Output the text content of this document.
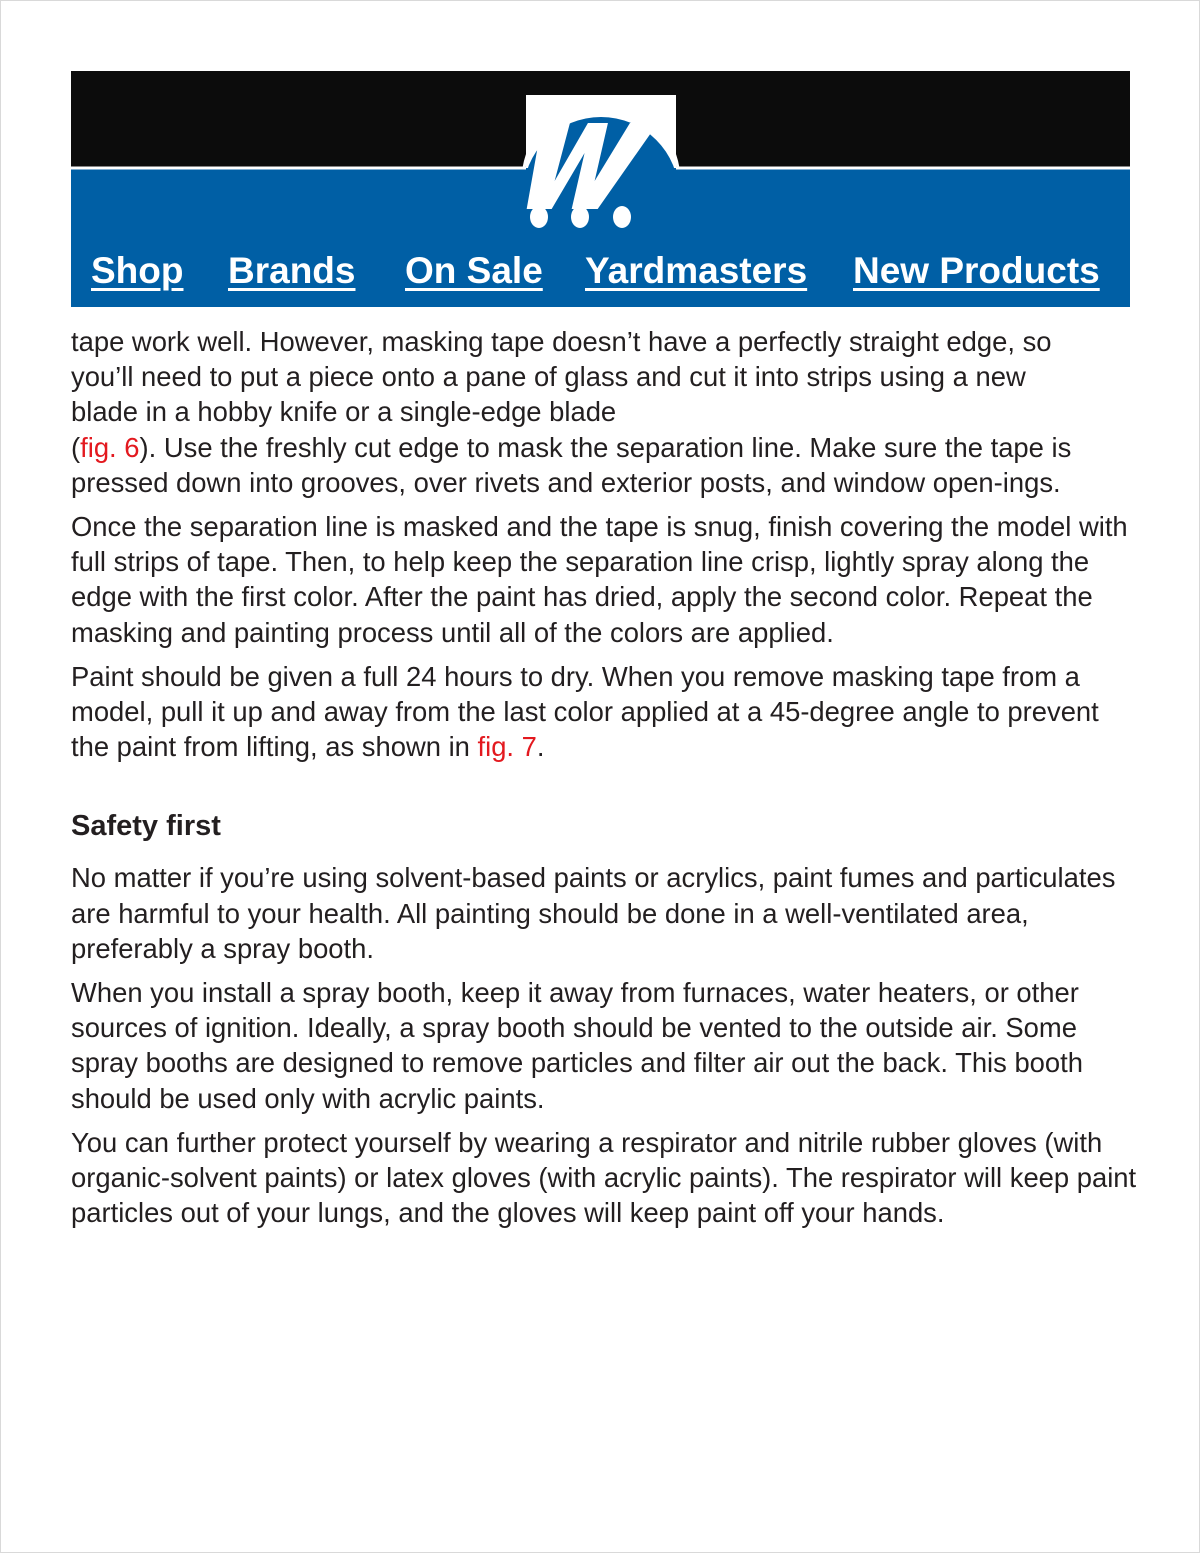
Shop Brands On Sale Yardmasters New Products

tape work well. However, masking tape doesn’t have a perfectly straight edge, so
you’ll need to put a piece onto a pane of glass and cut it into strips using a new
blade in a hobby knife or a single-edge blade
(fig. 6). Use the freshly cut edge to mask the separation line. Make sure the tape is pressed down into grooves, over rivets and exterior posts, and window open-ings.

Once the separation line is masked and the tape is snug, finish covering the model with full strips of tape. Then, to help keep the separation line crisp, lightly spray along the edge with the first color. After the paint has dried, apply the second color. Repeat the masking and painting process until all of the colors are applied.

Paint should be given a full 24 hours to dry. When you remove masking tape from a model, pull it up and away from the last color applied at a 45-degree angle to prevent the paint from lifting, as shown in fig. 7.

Safety first

No matter if you’re using solvent-based paints or acrylics, paint fumes and particulates are harmful to your health. All painting should be done in a well-ventilated area, preferably a spray booth.

When you install a spray booth, keep it away from furnaces, water heaters, or other sources of ignition. Ideally, a spray booth should be vented to the outside air. Some spray booths are designed to remove particles and filter air out the back. This booth should be used only with acrylic paints.

You can further protect yourself by wearing a respirator and nitrile rubber gloves (with organic-solvent paints) or latex gloves (with acrylic paints). The respirator will keep paint particles out of your lungs, and the gloves will keep paint off your hands.
